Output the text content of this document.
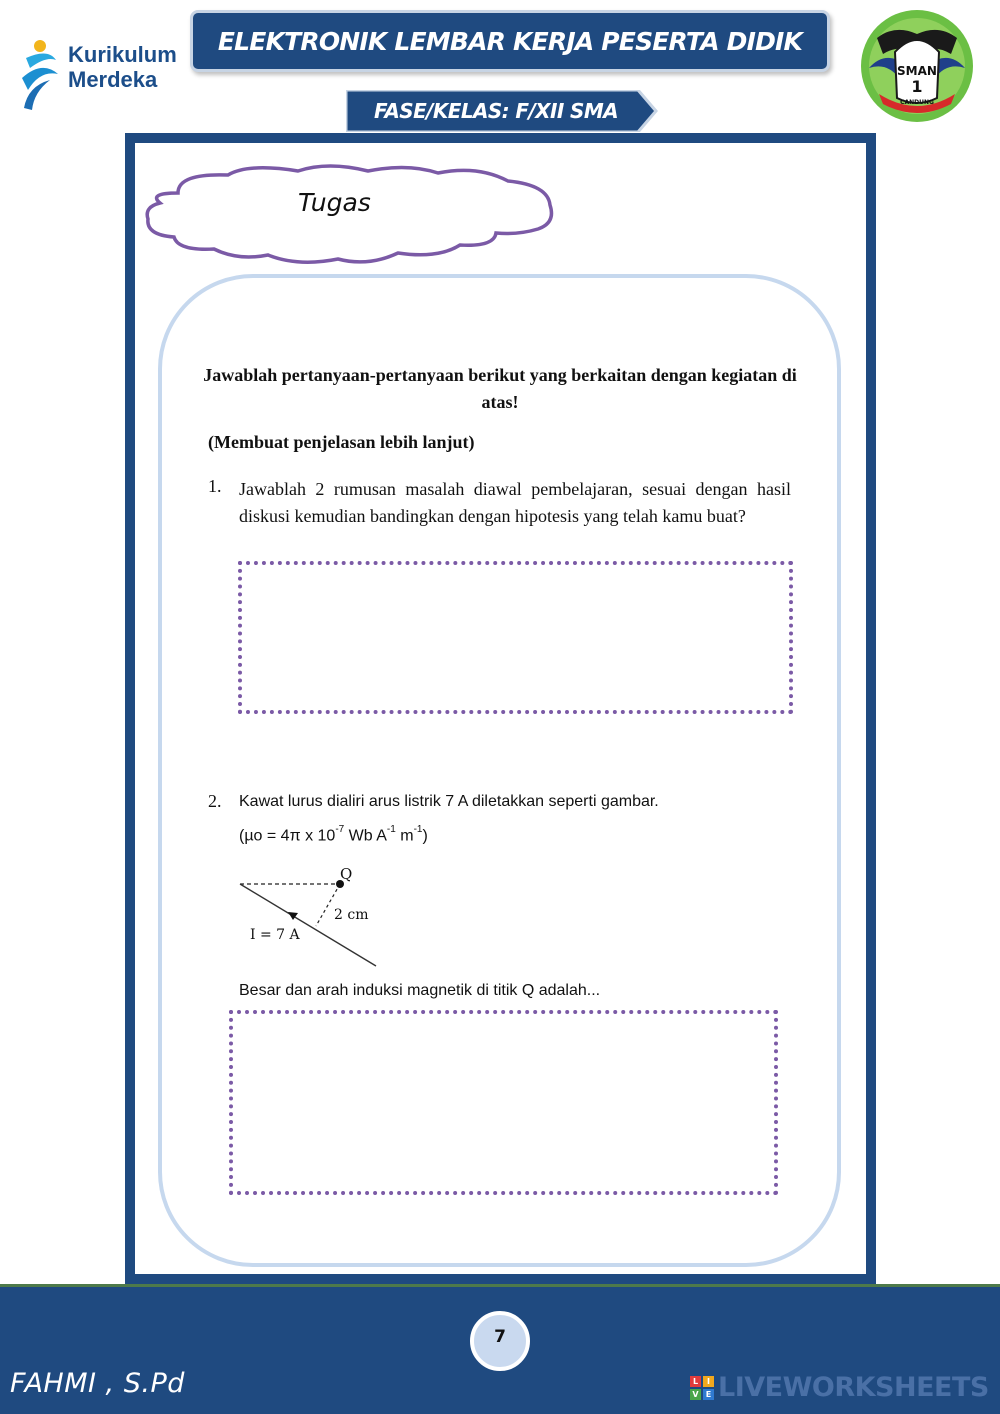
Kurikulum
Merdeka
ELEKTRONIK LEMBAR KERJA PESERTA DIDIK
FASE/KELAS: F/XII SMA
SMAN
1
CANDUNG
Tugas
Jawablah pertanyaan-pertanyaan berikut yang berkaitan dengan kegiatan di atas!
(Membuat penjelasan lebih lanjut)
1. Jawablah 2 rumusan masalah diawal pembelajaran, sesuai dengan hasil diskusi kemudian bandingkan dengan hipotesis yang telah kamu buat?
2. Kawat lurus dialiri arus listrik 7 A diletakkan seperti gambar.
(µo = 4π x $10^{-7}$ Wb $A^{-1}$ $m^{-1}$)
Q
2 cm
I = 7 A
Besar dan arah induksi magnetik di titik Q adalah...
7
FAHMI , S.Pd	L	I
V E LIVEWORKSHEETS
